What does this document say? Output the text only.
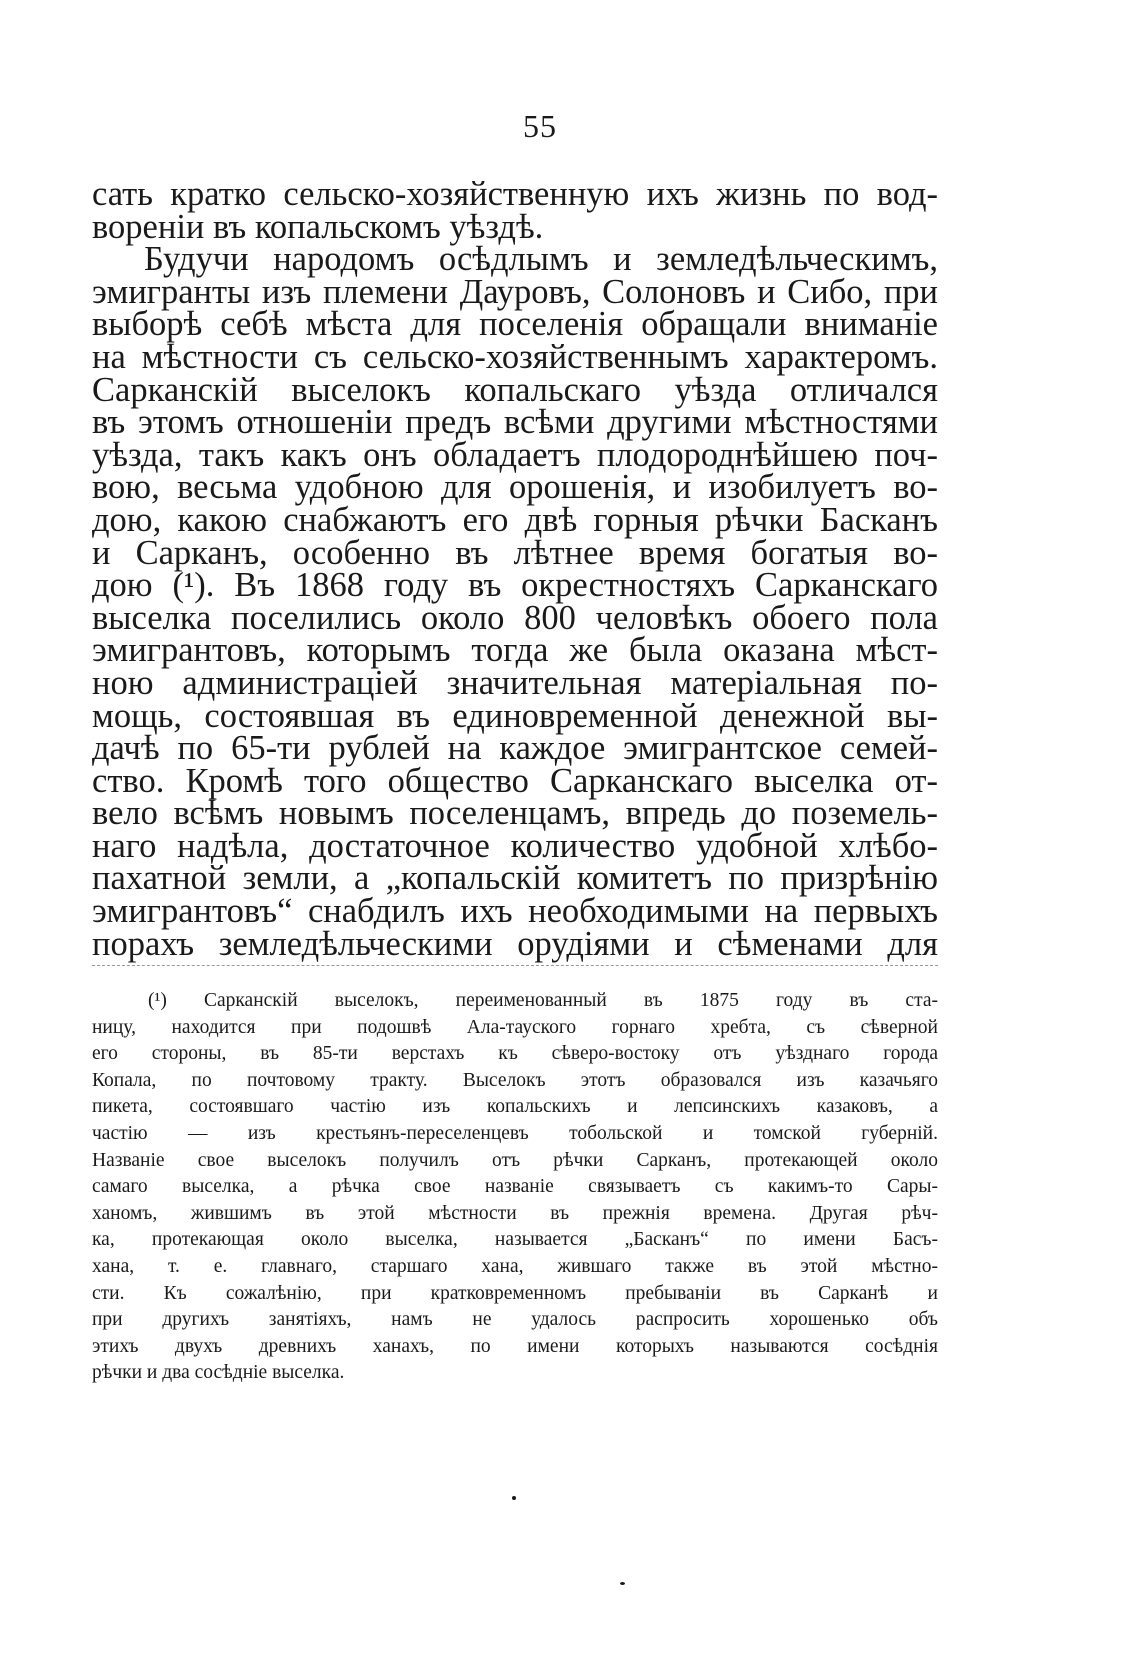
55
сать кратко сельско-хозяйственную ихъ жизнь по вод-
вореніи въ копальскомъ уѣздѣ.
Будучи народомъ осѣдлымъ и земледѣльческимъ,
эмигранты изъ племени Дауровъ, Солоновъ и Сибо, при
выборѣ себѣ мѣста для поселенія обращали вниманіе
на мѣстности съ сельско-хозяйственнымъ характеромъ.
Сарканскій выселокъ копальскаго уѣзда отличался
въ этомъ отношеніи предъ всѣми другими мѣстностями
уѣзда, такъ какъ онъ обладаетъ плодороднѣйшею поч-
вою, весьма удобною для орошенія, и изобилуетъ во-
дою, какою снабжаютъ его двѣ горныя рѣчки Басканъ
и Сарканъ, особенно въ лѣтнее время богатыя во-
дою (¹). Въ 1868 году въ окрестностяхъ Сарканскаго
выселка поселились около 800 человѣкъ обоего пола
эмигрантовъ, которымъ тогда же была оказана мѣст-
ною администраціей значительная матеріальная по-
мощь, состоявшая въ единовременной денежной вы-
дачѣ по 65-ти рублей на каждое эмигрантское семей-
ство. Кромѣ того общество Сарканскаго выселка от-
вело всѣмъ новымъ поселенцамъ, впредь до поземель-
наго надѣла, достаточное количество удобной хлѣбо-
пахатной земли, а „копальскій комитетъ по призрѣнію
эмигрантовъ“ снабдилъ ихъ необходимыми на первыхъ
порахъ земледѣльческими орудіями и сѣменами для
(¹) Сарканскій выселокъ, переименованный въ 1875 году въ ста-
ницу, находится при подошвѣ Ала-тауского горнаго хребта, съ сѣверной
его стороны, въ 85-ти верстахъ къ сѣверо-востоку отъ уѣзднаго города
Копала, по почтовому тракту. Выселокъ этотъ образовался изъ казачьяго
пикета, состоявшаго частію изъ копальскихъ и лепсинскихъ казаковъ, а
частію — изъ крестьянъ-переселенцевъ тобольской и томской губерній.
Названіе свое выселокъ получилъ отъ рѣчки Сарканъ, протекающей около
самаго выселка, а рѣчка свое названіе связываетъ съ какимъ-то Сары-
ханомъ, жившимъ въ этой мѣстности въ прежнія времена. Другая рѣч-
ка, протекающая около выселка, называется „Басканъ“ по имени Басъ-
хана, т. е. главнаго, старшаго хана, жившаго также въ этой мѣстно-
сти. Къ сожалѣнію, при кратковременномъ пребываніи въ Сарканѣ и
при другихъ занятіяхъ, намъ не удалось распросить хорошенько объ
этихъ двухъ древнихъ ханахъ, по имени которыхъ называются сосѣднія
рѣчки и два сосѣдніе выселка.
